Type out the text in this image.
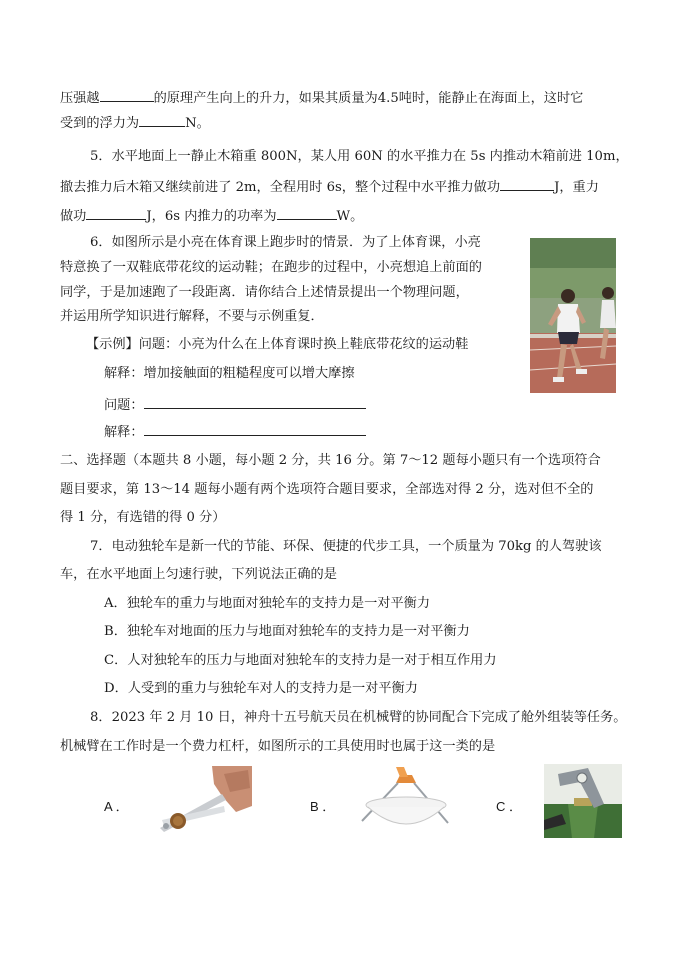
压强越	的原理产生向上的升力，如果其质量为4.5吨时，能静止在海面上，这时它
受到的浮力为	N。
5．水平地面上一静止木箱重 800N，某人用 60N 的水平推力在 5s 内推动木箱前进 10m，
撤去推力后木箱又继续前进了 2m，全程用时 6s，整个过程中水平推力做功	J，重力
做功	J，6s 内推力的功率为	W。
6．如图所示是小亮在体育课上跑步时的情景．为了上体育课，小亮
特意换了一双鞋底带花纹的运动鞋；在跑步的过程中，小亮想追上前面的
同学，于是加速跑了一段距离．请你结合上述情景提出一个物理问题，
并运用所学知识进行解释，不要与示例重复．
【示例】问题：小亮为什么在上体育课时换上鞋底带花纹的运动鞋
解释：增加接触面的粗糙程度可以增大摩擦
问题：
解释：
二、选择题（本题共 8 小题，每小题 2 分，共 16 分。第 7～12 题每小题只有一个选项符合
题目要求，第 13～14 题每小题有两个选项符合题目要求，全部选对得 2 分，选对但不全的
得 1 分，有选错的得 0 分）
7．电动独轮车是新一代的节能、环保、便捷的代步工具，一个质量为 70kg 的人驾驶该
车，在水平地面上匀速行驶，下列说法正确的是
A．独轮车的重力与地面对独轮车的支持力是一对平衡力
B．独轮车对地面的压力与地面对独轮车的支持力是一对平衡力
C．人对独轮车的压力与地面对独轮车的支持力是一对于相互作用力
D．人受到的重力与独轮车对人的支持力是一对平衡力
8．2023 年 2 月 10 日，神舟十五号航天员在机械臂的协同配合下完成了舱外组装等任务。
机械臂在工作时是一个费力杠杆，如图所示的工具使用时也属于这一类的是
A ．	B ．	C ．
